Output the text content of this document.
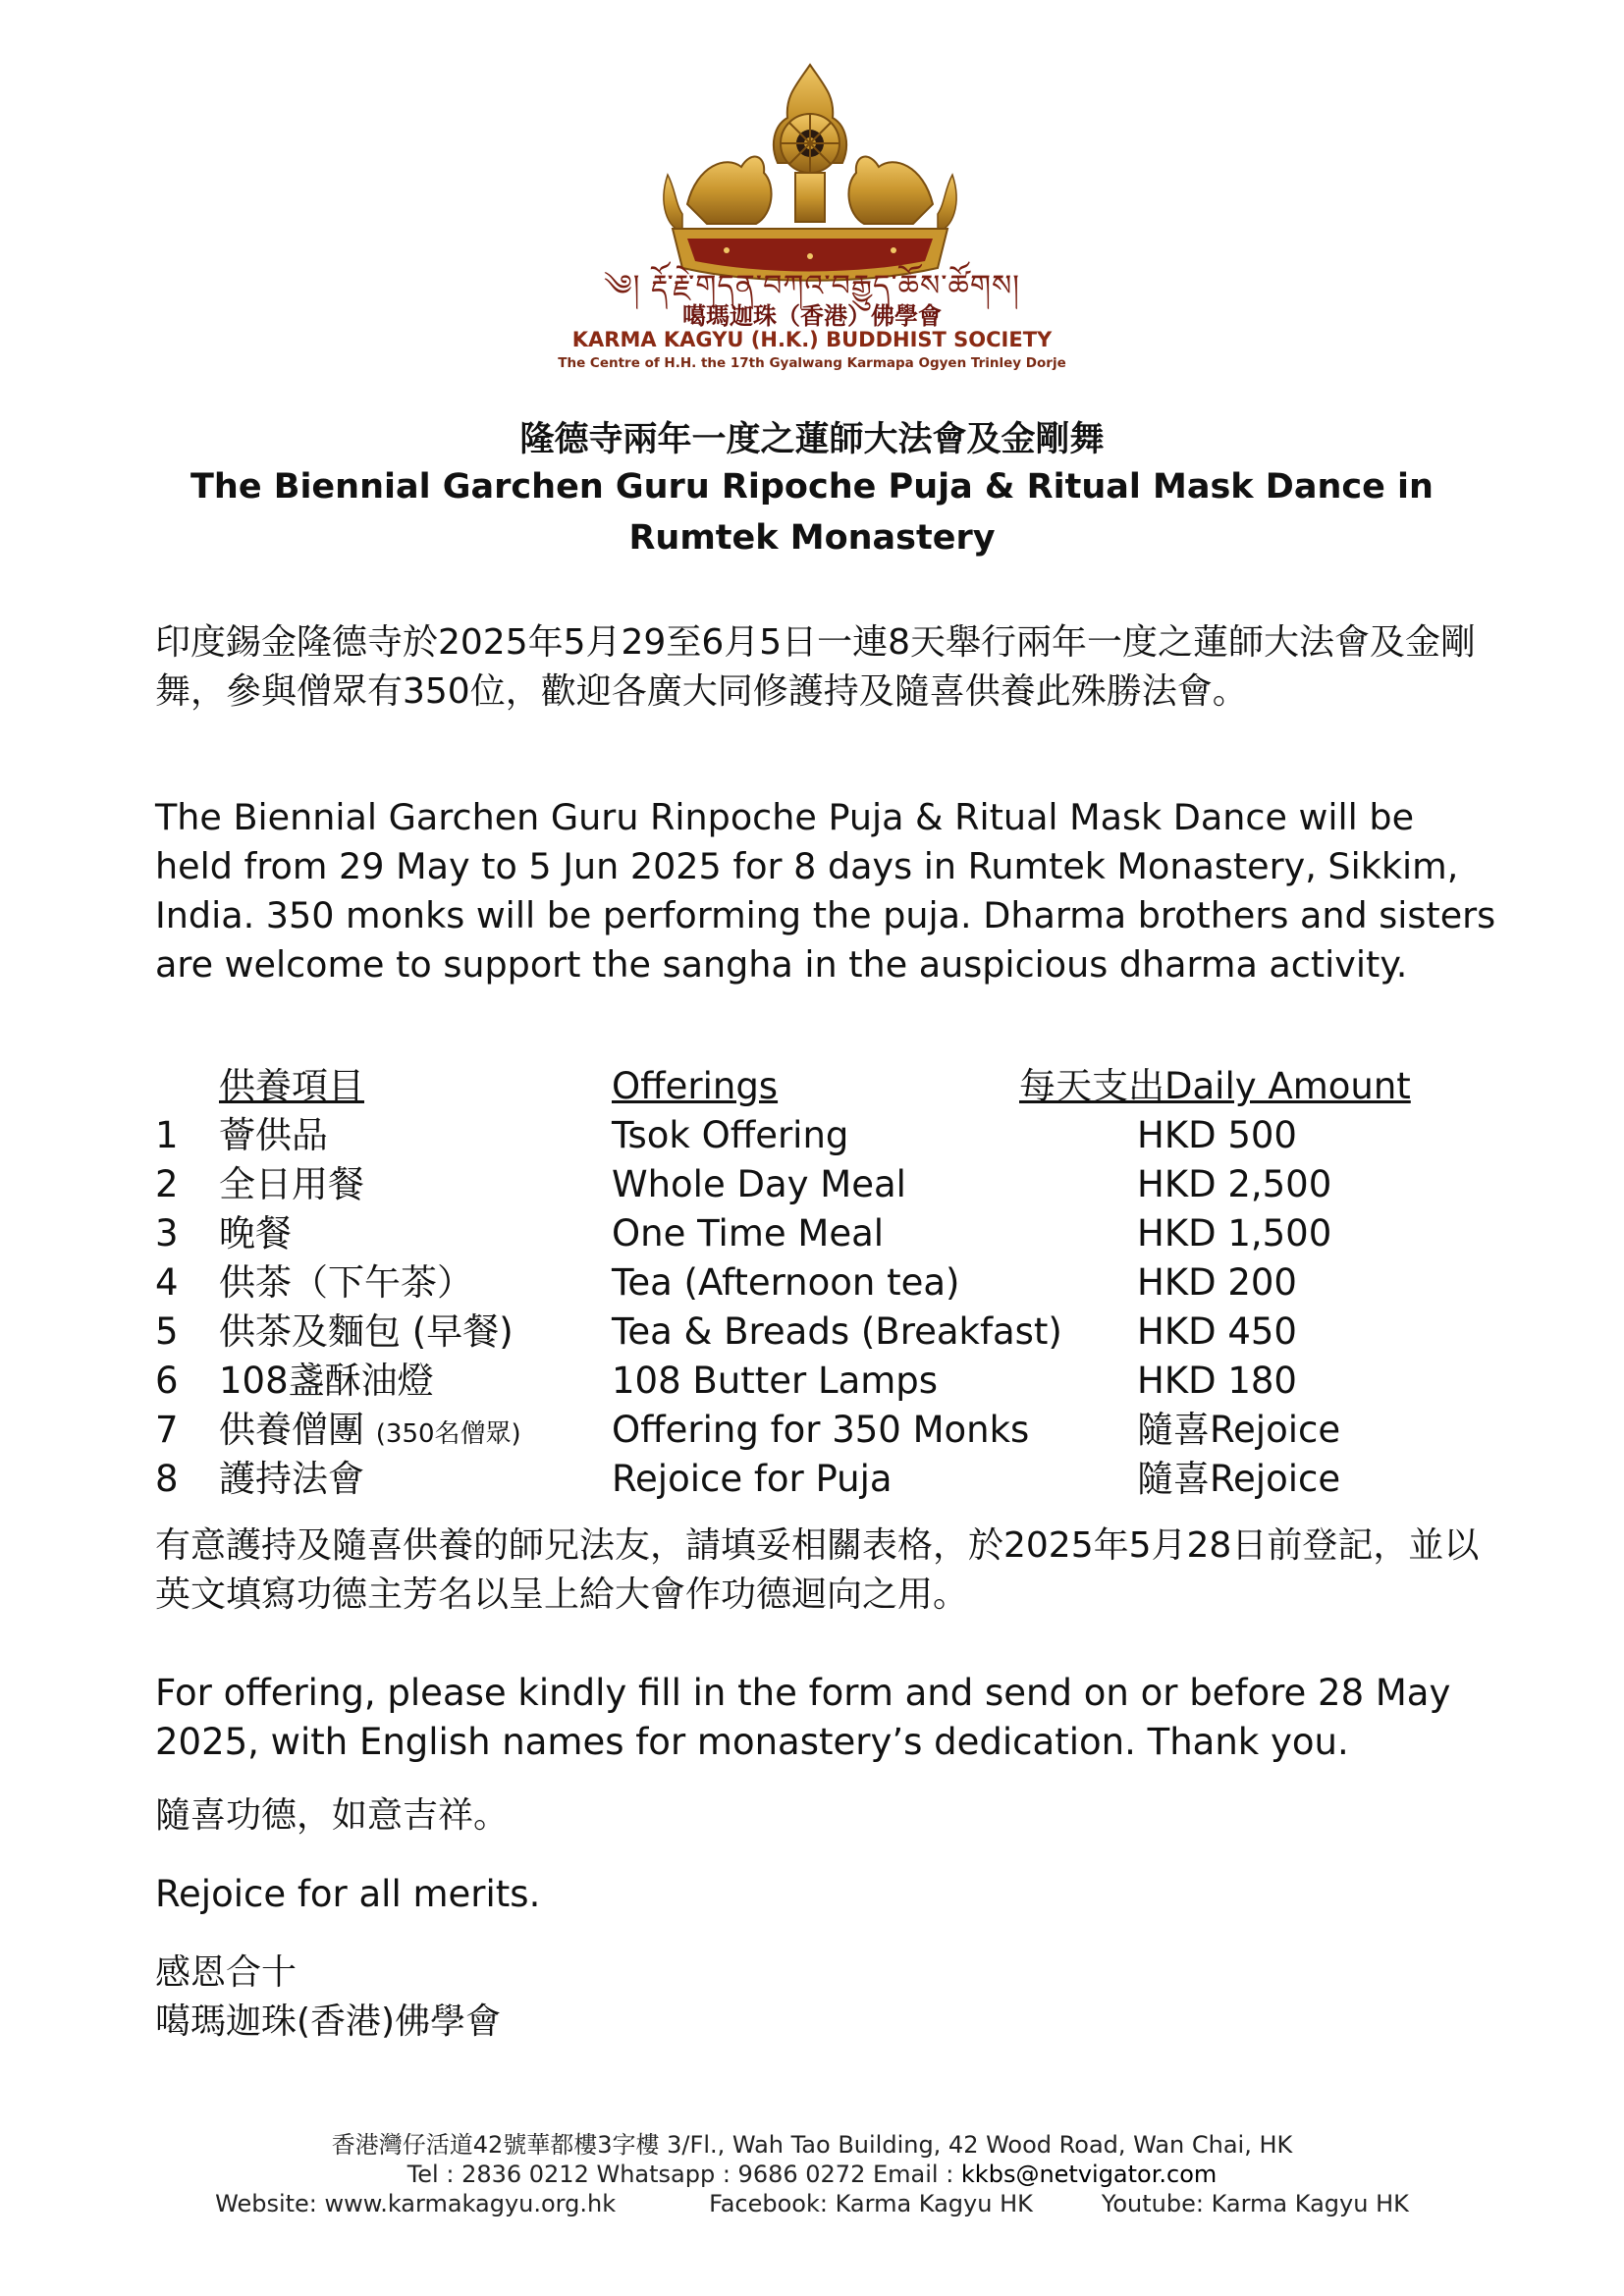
༄། རྡོ་རྗེ་གདན་བཀའ་བརྒྱུད་ཆོས་ཚོགས།
噶瑪迦珠（香港）佛學會
KARMA KAGYU (H.K.) BUDDHIST SOCIETY
The Centre of H.H. the 17th Gyalwang Karmapa Ogyen Trinley Dorje
隆德寺兩年一度之蓮師大法會及金剛舞
The Biennial Garchen Guru Ripoche Puja & Ritual Mask Dance in Rumtek Monastery
印度錫金隆德寺於2025年5月29至6月5日一連8天舉行兩年一度之蓮師大法會及金剛舞，參與僧眾有350位，歡迎各廣大同修護持及隨喜供養此殊勝法會。
The Biennial Garchen Guru Rinpoche Puja & Ritual Mask Dance will be held from 29 May to 5 Jun 2025 for 8 days in Rumtek Monastery, Sikkim, India. 350 monks will be performing the puja. Dharma brothers and sisters are welcome to support the sangha in the auspicious dharma activity.
供養項目	Offerings	每天支出Daily Amount
1 薈供品	Tsok Offering	HKD 500
2 全日用餐	Whole Day Meal	HKD 2,500
3 晚餐	One Time Meal	HKD 1,500
4 供茶（下午茶）	Tea (Afternoon tea)	HKD 200
5 供茶及麵包 (早餐)	Tea & Breads (Breakfast) HKD 450
6 108盞酥油燈	108 Butter Lamps	HKD 180
7 供養僧團 (350名僧眾) Offering for 350 Monks	隨喜Rejoice
8 護持法會	Rejoice for Puja	隨喜Rejoice
有意護持及隨喜供養的師兄法友，請填妥相關表格，於2025年5月28日前登記，並以英文填寫功德主芳名以呈上給大會作功德迴向之用。
For offering, please kindly fill in the form and send on or before 28 May 2025, with English names for monastery’s dedication. Thank you.
隨喜功德，如意吉祥。
Rejoice for all merits.
感恩合十
噶瑪迦珠(香港)佛學會
香港灣仔活道42號華都樓3字樓 3/Fl., Wah Tao Building, 42 Wood Road, Wan Chai, HK
Tel : 2836 0212 Whatsapp : 9686 0272 Email : kkbs@netvigator.com
Website: www.karmakagyu.org.hk	Facebook: Karma Kagyu HK	Youtube: Karma Kagyu HK
